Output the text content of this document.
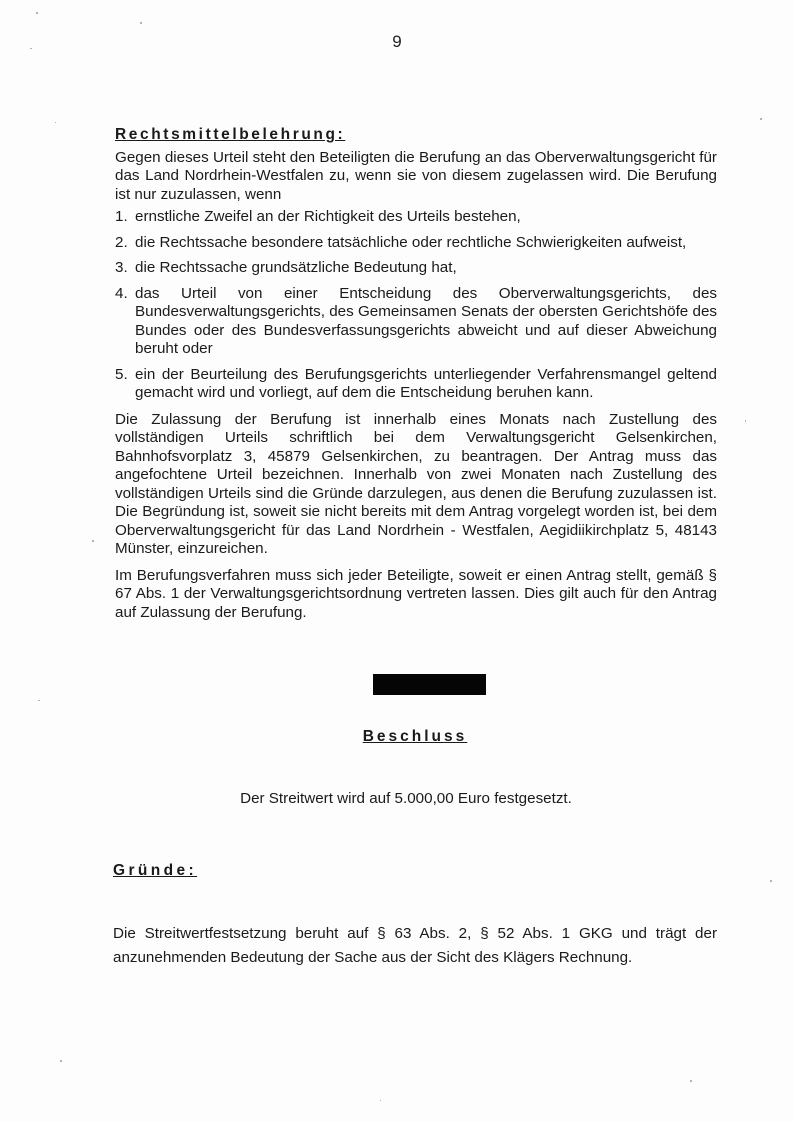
9
Rechtsmittelbelehrung:

Gegen dieses Urteil steht den Beteiligten die Berufung an das Oberverwaltungsgericht für das Land Nordrhein-Westfalen zu, wenn sie von diesem zugelassen wird. Die Berufung ist nur zuzulassen, wenn

1. ernstliche Zweifel an der Richtigkeit des Urteils bestehen,
2. die Rechtssache besondere tatsächliche oder rechtliche Schwierigkeiten aufweist,
3. die Rechtssache grundsätzliche Bedeutung hat,
4. das Urteil von einer Entscheidung des Oberverwaltungsgerichts, des Bundesverwaltungsgerichts, des Gemeinsamen Senats der obersten Gerichtshöfe des Bundes oder des Bundesverfassungsgerichts abweicht und auf dieser Abweichung beruht oder
5. ein der Beurteilung des Berufungsgerichts unterliegender Verfahrensmangel geltend gemacht wird und vorliegt, auf dem die Entscheidung beruhen kann.

Die Zulassung der Berufung ist innerhalb eines Monats nach Zustellung des vollständigen Urteils schriftlich bei dem Verwaltungsgericht Gelsenkirchen, Bahnhofsvorplatz 3, 45879 Gelsenkirchen, zu beantragen. Der Antrag muss das angefochtene Urteil bezeichnen. Innerhalb von zwei Monaten nach Zustellung des vollständigen Urteils sind die Gründe darzulegen, aus denen die Berufung zuzulassen ist. Die Begründung ist, soweit sie nicht bereits mit dem Antrag vorgelegt worden ist, bei dem Oberverwaltungsgericht für das Land Nordrhein - Westfalen, Aegidiikirchplatz 5, 48143 Münster, einzureichen.

Im Berufungsverfahren muss sich jeder Beteiligte, soweit er einen Antrag stellt, gemäß § 67 Abs. 1 der Verwaltungsgerichtsordnung vertreten lassen. Dies gilt auch für den Antrag auf Zulassung der Berufung.

Beschluss
Der Streitwert wird auf 5.000,00 Euro festgesetzt.
Gründe:

Die Streitwertfestsetzung beruht auf § 63 Abs. 2, § 52 Abs. 1 GKG und trägt der anzunehmenden Bedeutung der Sache aus der Sicht des Klägers Rechnung.
